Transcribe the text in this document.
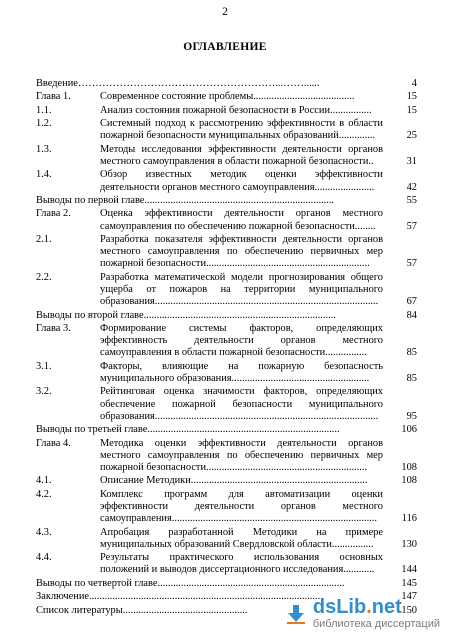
2
ОГЛАВЛЕНИЕ
Введение…………………………………………………...……......	4
Глава 1.	Современное состояние проблемы.......................................	15
1.1.	Анализ состояния пожарной безопасности в России................	15
1.2.	Системный подход к рассмотрению эффективности в области
пожарной безопасности муниципальных образований..............	25
1.3.	Методы исследования эффективности деятельности органов
местного самоуправления в области пожарной безопасности..	31
1.4.	Обзор известных методик оценки эффективности
деятельности органов местного самоуправления.......................	42
Выводы по первой главе.........................................................................	55
Глава 2.	Оценка эффективности деятельности органов местного
самоуправления по обеспечению пожарной безопасности........	57
2.1.	Разработка показателя эффективности деятельности органов
местного самоуправления по обеспечению первичных мер
пожарной безопасности...............................................................	57
2.2.	Разработка математической модели прогнозирования общего
ущерба от пожаров на территории муниципального
образования......................................................................................	67
Выводы по второй главе..........................................................................	84
Глава 3.	Формирование системы факторов, определяющих
эффективность деятельности органов местного
самоуправления в области пожарной безопасности................	85
3.1.	Факторы, влияющие на пожарную безопасность
муниципального образования.....................................................	85
3.2.	Рейтинговая оценка значимости факторов, определяющих
обеспечение пожарной безопасности муниципального
образования......................................................................................	95
Выводы по третьей главе..........................................................................	106
Глава 4.	Методика оценки эффективности деятельности органов
местного самоуправления по обеспечению первичных мер
пожарной безопасности..............................................................	108
4.1.	Описание Методики....................................................................	108
4.2.	Комплекс программ для автоматизации оценки
эффективности деятельности органов местного
самоуправления...............................................................................	116
4.3.	Апробация разработанной Методики на примере
муниципальных образований Свердловской области................	130
4.4.	Результаты практического использования основных
положений и выводов диссертационного исследования............	144
Выводы по четвертой главе........................................................................	145
Заключение.........................................................................................	147
Список литературы................................................	150
dsLib.net
библиотека диссертаций
